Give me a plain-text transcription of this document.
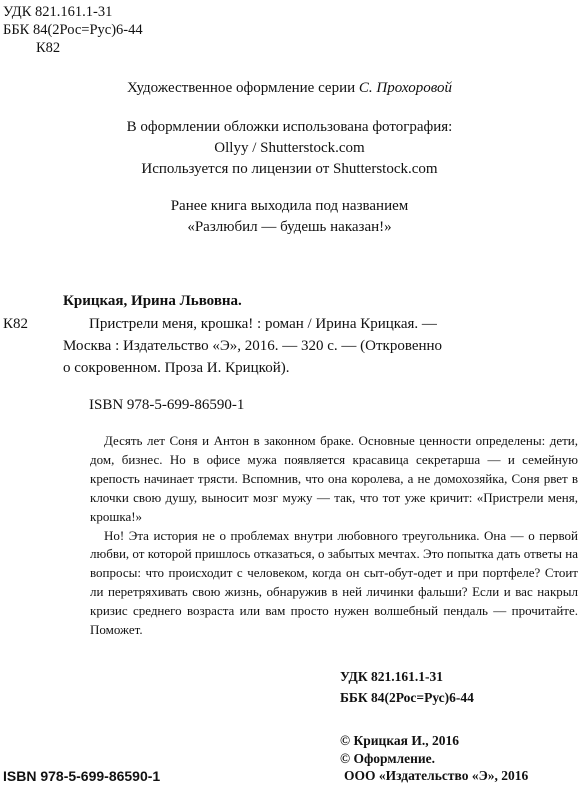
УДК 821.161.1-31
ББК 84(2Рос=Рус)6-44
К82
Художественное оформление серии С. Прохоровой
В оформлении обложки использована фотография:
Ollyy / Shutterstock.com
Используется по лицензии от Shutterstock.com
Ранее книга выходила под названием
«Разлюбил — будешь наказан!»
Крицкая, Ирина Львовна.
К82	Пристрели меня, крошка! : роман / Ирина Крицкая. —
Москва : Издательство «Э», 2016. — 320 с. — (Откровенно
о сокровенном. Проза И. Крицкой).
ISBN 978-5-699-86590-1

Десять лет Соня и Антон в законном браке. Основные ценности определены: дети, дом, бизнес. Но в офисе мужа появляется красавица секретарша — и семейную крепость начинает трясти. Вспомнив, что она королева, а не домохозяйка, Соня рвет в клочки свою душу, выносит мозг мужу — так, что тот уже кричит: «Пристрели меня, крошка!»

Но! Эта история не о проблемах внутри любовного треугольника. Она — о первой любви, от которой пришлось отказаться, о забытых мечтах. Это попытка дать ответы на вопросы: что происходит с человеком, когда он сыт-обут-одет и при портфеле? Стоит ли перетряхивать свою жизнь, обнаружив в ней личинки фальши? Если и вас накрыл кризис среднего возраста или вам просто нужен волшебный пендаль — прочитайте. Поможет.

УДК 821.161.1-31
ББК 84(2Рос=Рус)6-44
© Крицкая И., 2016
© Оформление.
ISBN 978-5-699-86590-1	ООО «Издательство «Э», 2016
